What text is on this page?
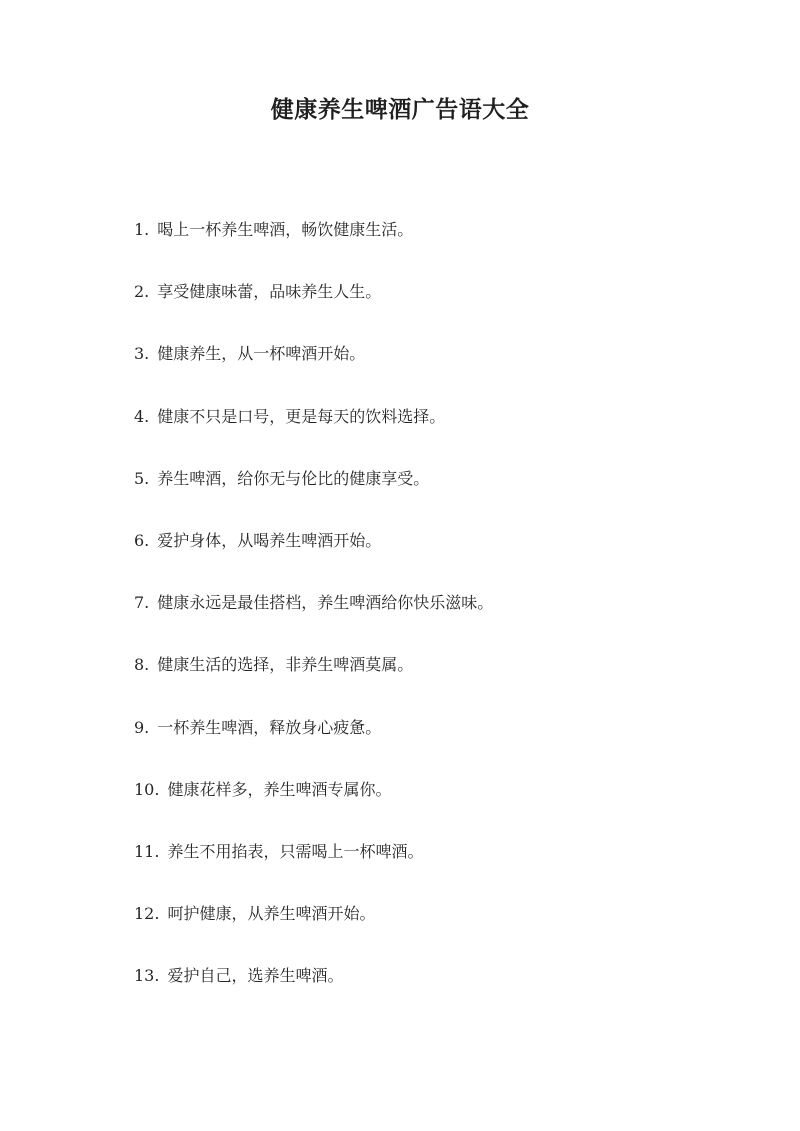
健康养生啤酒广告语大全
1. 喝上一杯养生啤酒，畅饮健康生活。
2. 享受健康味蕾，品味养生人生。
3. 健康养生，从一杯啤酒开始。
4. 健康不只是口号，更是每天的饮料选择。
5. 养生啤酒，给你无与伦比的健康享受。
6. 爱护身体，从喝养生啤酒开始。
7. 健康永远是最佳搭档，养生啤酒给你快乐滋味。
8. 健康生活的选择，非养生啤酒莫属。
9. 一杯养生啤酒，释放身心疲惫。
10. 健康花样多，养生啤酒专属你。
11. 养生不用掐表，只需喝上一杯啤酒。
12. 呵护健康，从养生啤酒开始。
13. 爱护自己，选养生啤酒。
